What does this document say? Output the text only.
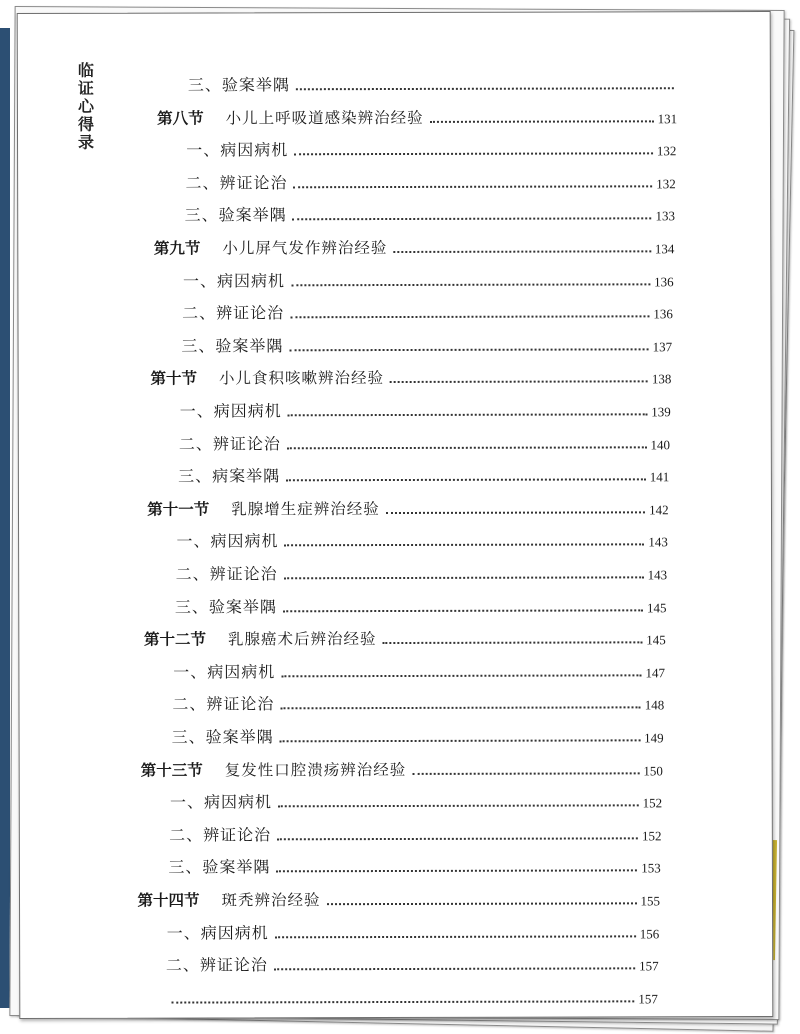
临证心得录
三、验案举隅
第八节 小儿上呼吸道感染辨治经验	131
一、病因病机	132
二、辨证论治	132
三、验案举隅	133
第九节 小儿屏气发作辨治经验	134
一、病因病机	136
二、辨证论治	136
三、验案举隅	137
第十节 小儿食积咳嗽辨治经验	138
一、病因病机	139
二、辨证论治	140
三、病案举隅	141
第十一节 乳腺增生症辨治经验	142
一、病因病机	143
二、辨证论治	143
三、验案举隅	145
第十二节 乳腺癌术后辨治经验	145
一、病因病机	147
二、辨证论治	148
三、验案举隅	149
第十三节 复发性口腔溃疡辨治经验	150
一、病因病机	152
二、辨证论治	152
三、验案举隅	153
第十四节 斑秃辨治经验	155
一、病因病机	156
二、辨证论治	157
157
